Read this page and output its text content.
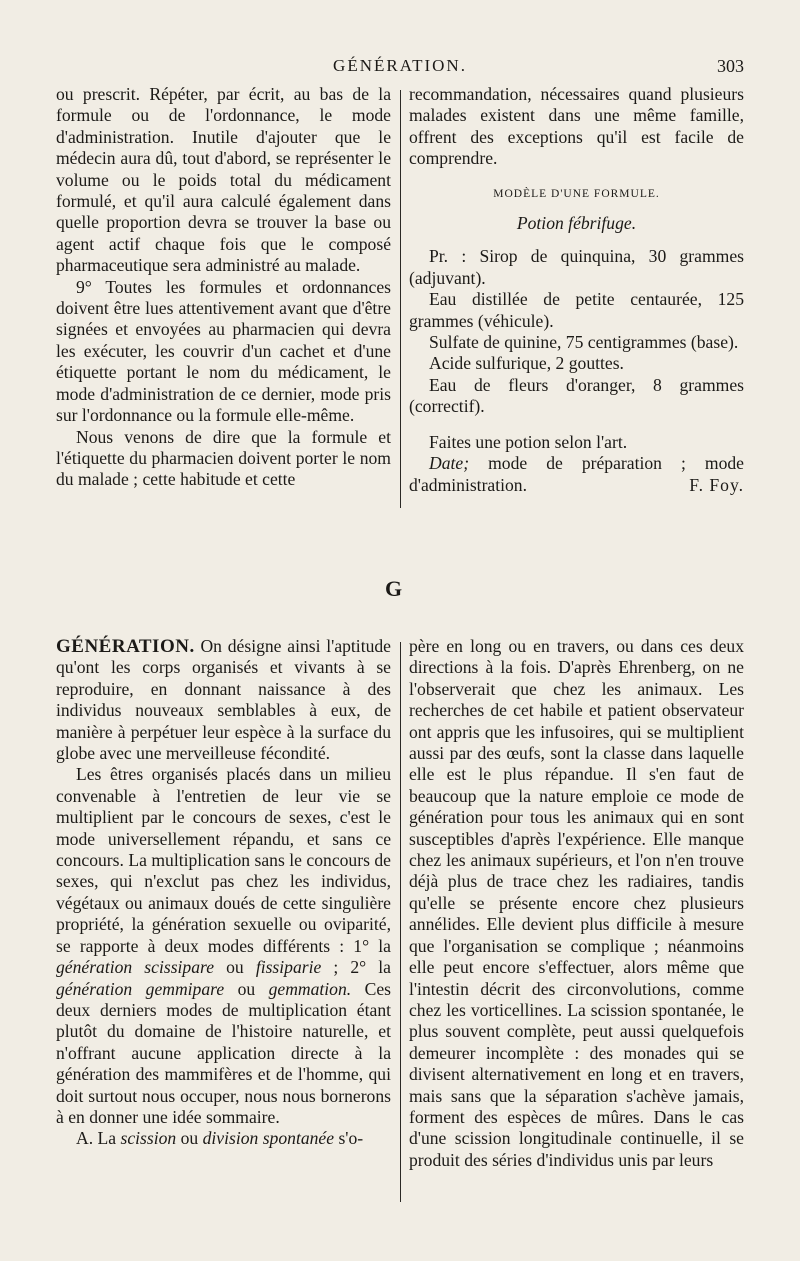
GÉNÉRATION.	303

ou prescrit. Répéter, par écrit, au bas de la formule ou de l'ordonnance, le mode d'administration. Inutile d'ajouter que le médecin aura dû, tout d'abord, se représenter le volume ou le poids total du médicament formulé, et qu'il aura calculé également dans quelle proportion devra se trouver la base ou agent actif chaque fois que le composé pharmaceutique sera administré au malade.

9° Toutes les formules et ordonnances doivent être lues attentivement avant que d'être signées et envoyées au pharmacien qui devra les exécuter, les couvrir d'un cachet et d'une étiquette portant le nom du médicament, le mode d'administration de ce dernier, mode pris sur l'ordonnance ou la formule elle-même.

Nous venons de dire que la formule et l'étiquette du pharmacien doivent porter le nom du malade ; cette habitude et cette

recommandation, nécessaires quand plusieurs malades existent dans une même famille, offrent des exceptions qu'il est facile de comprendre.

MODÈLE D'UNE FORMULE.
Potion fébrifuge.

Pr. : Sirop de quinquina, 30 grammes (adjuvant).

Eau distillée de petite centaurée, 125 grammes (véhicule).

Sulfate de quinine, 75 centigrammes (base).

Acide sulfurique, 2 gouttes.

Eau de fleurs d'oranger, 8 grammes (correctif).

Faites une potion selon l'art.

Date; mode de préparation ; mode d'administration.	F. Foy.

G

GÉNÉRATION. On désigne ainsi l'aptitude qu'ont les corps organisés et vivants à se reproduire, en donnant naissance à des individus nouveaux semblables à eux, de manière à perpétuer leur espèce à la surface du globe avec une merveilleuse fécondité.

Les êtres organisés placés dans un milieu convenable à l'entretien de leur vie se multiplient par le concours de sexes, c'est le mode universellement répandu, et sans ce concours. La multiplication sans le concours de sexes, qui n'exclut pas chez les individus, végétaux ou animaux doués de cette singulière propriété, la génération sexuelle ou oviparité, se rapporte à deux modes différents : 1° la génération scissipare ou fissiparie ; 2° la génération gemmipare ou gemmation. Ces deux derniers modes de multiplication étant plutôt du domaine de l'histoire naturelle, et n'offrant aucune application directe à la génération des mammifères et de l'homme, qui doit surtout nous occuper, nous nous bornerons à en donner une idée sommaire.

A. La scission ou division spontanée s'o-

père en long ou en travers, ou dans ces deux directions à la fois. D'après Ehrenberg, on ne l'observerait que chez les animaux. Les recherches de cet habile et patient observateur ont appris que les infusoires, qui se multiplient aussi par des œufs, sont la classe dans laquelle elle est le plus répandue. Il s'en faut de beaucoup que la nature emploie ce mode de génération pour tous les animaux qui en sont susceptibles d'après l'expérience. Elle manque chez les animaux supérieurs, et l'on n'en trouve déjà plus de trace chez les radiaires, tandis qu'elle se présente encore chez plusieurs annélides. Elle devient plus difficile à mesure que l'organisation se complique ; néanmoins elle peut encore s'effectuer, alors même que l'intestin décrit des circonvolutions, comme chez les vorticellines. La scission spontanée, le plus souvent complète, peut aussi quelquefois demeurer incomplète : des monades qui se divisent alternativement en long et en travers, mais sans que la séparation s'achève jamais, forment des espèces de mûres. Dans le cas d'une scission longitudinale continuelle, il se produit des séries d'individus unis par leurs
